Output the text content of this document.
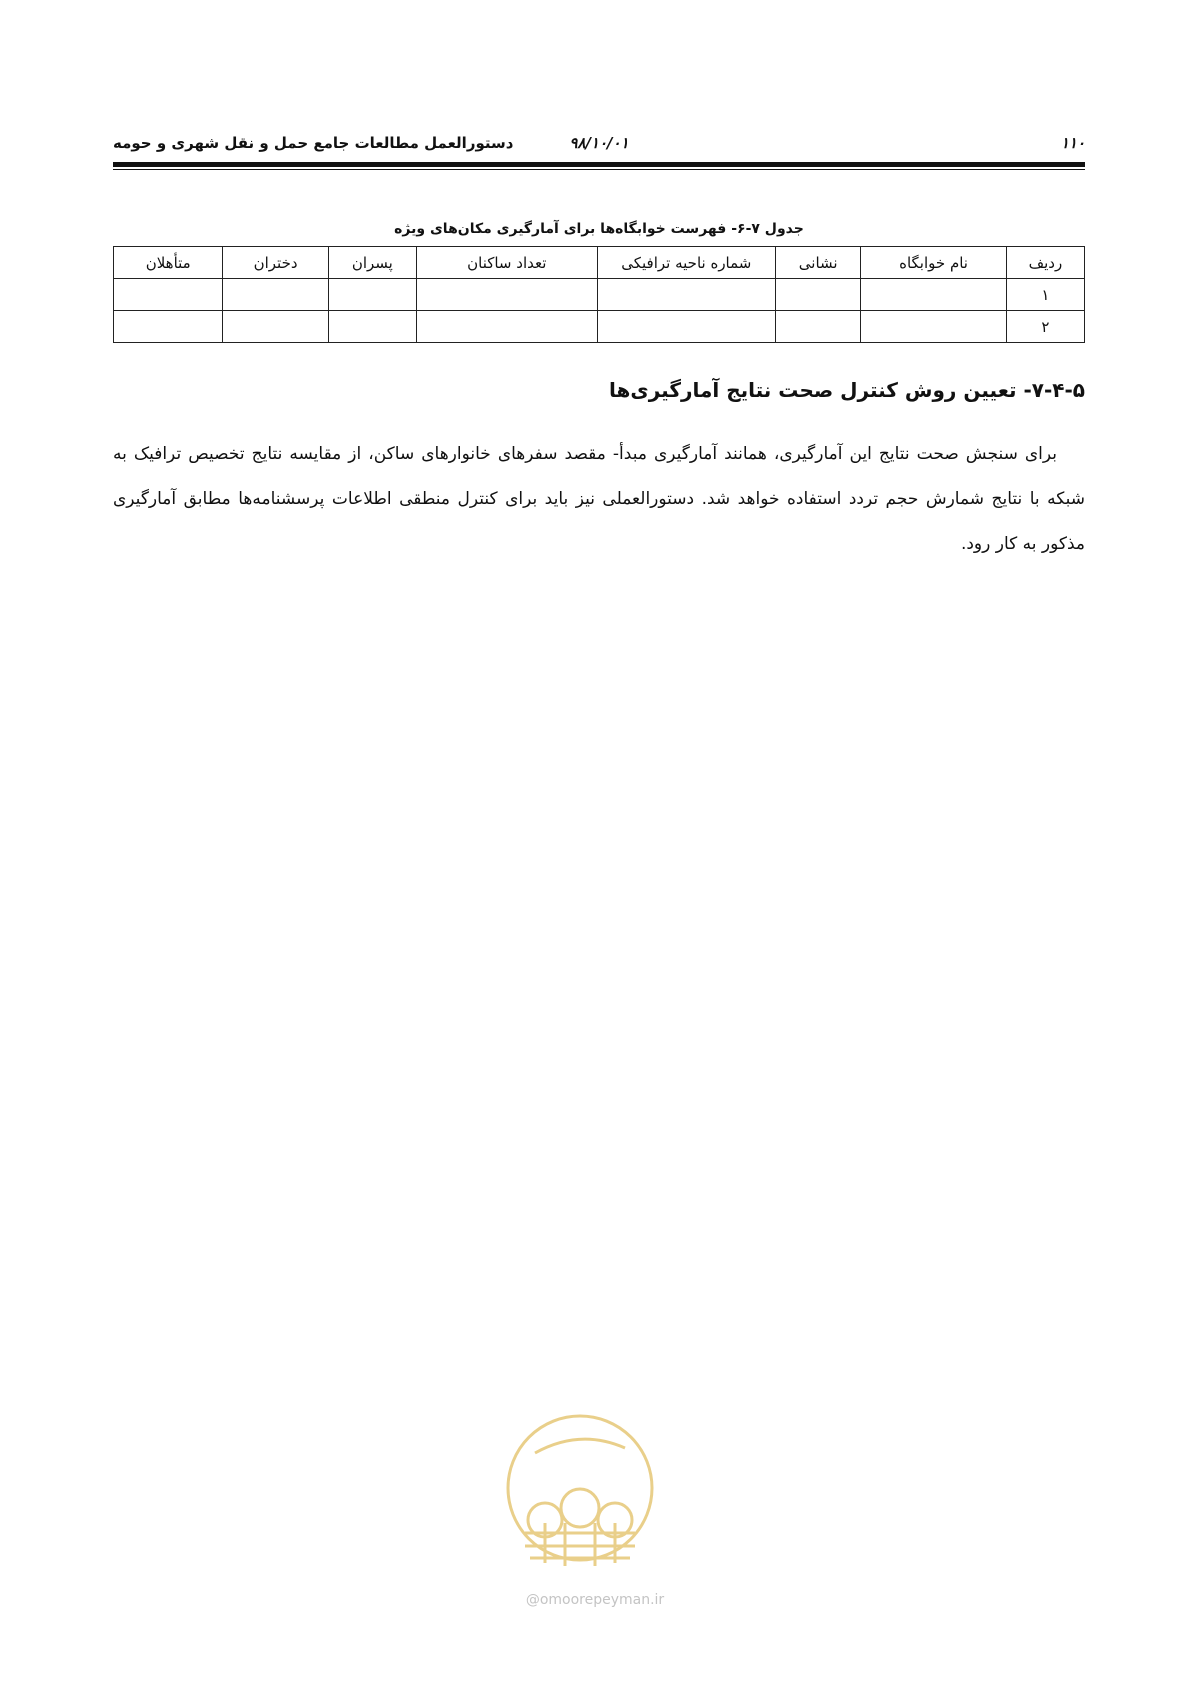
۱۱۰
۹۸/۱۰/۰۱
دستورالعمل مطالعات جامع حمل و نقل شهری و حومه
جدول ۷-۶- فهرست خوابگاه‌ها برای آمارگیری مکان‌های ویژه
ردیف	نام خوابگاه	نشانی	شماره ناحیه ترافیکی	تعداد ساکنان	پسران	دختران	متأهلان
۱							
۲							
۷-۴-۵- تعیین روش کنترل صحت نتایج آمارگیری‌ها

برای سنجش صحت نتایج این آمارگیری، همانند آمارگیری مبدأ- مقصد سفرهای خانوارهای ساکن، از مقایسه نتایج تخصیص ترافیک به شبکه با نتایج شمارش حجم تردد استفاده خواهد شد. دستورالعملی نیز باید برای کنترل منطقی اطلاعات پرسشنامه‌ها مطابق آمارگیری مذکور به کار رود.

@omoorepeyman.ir
